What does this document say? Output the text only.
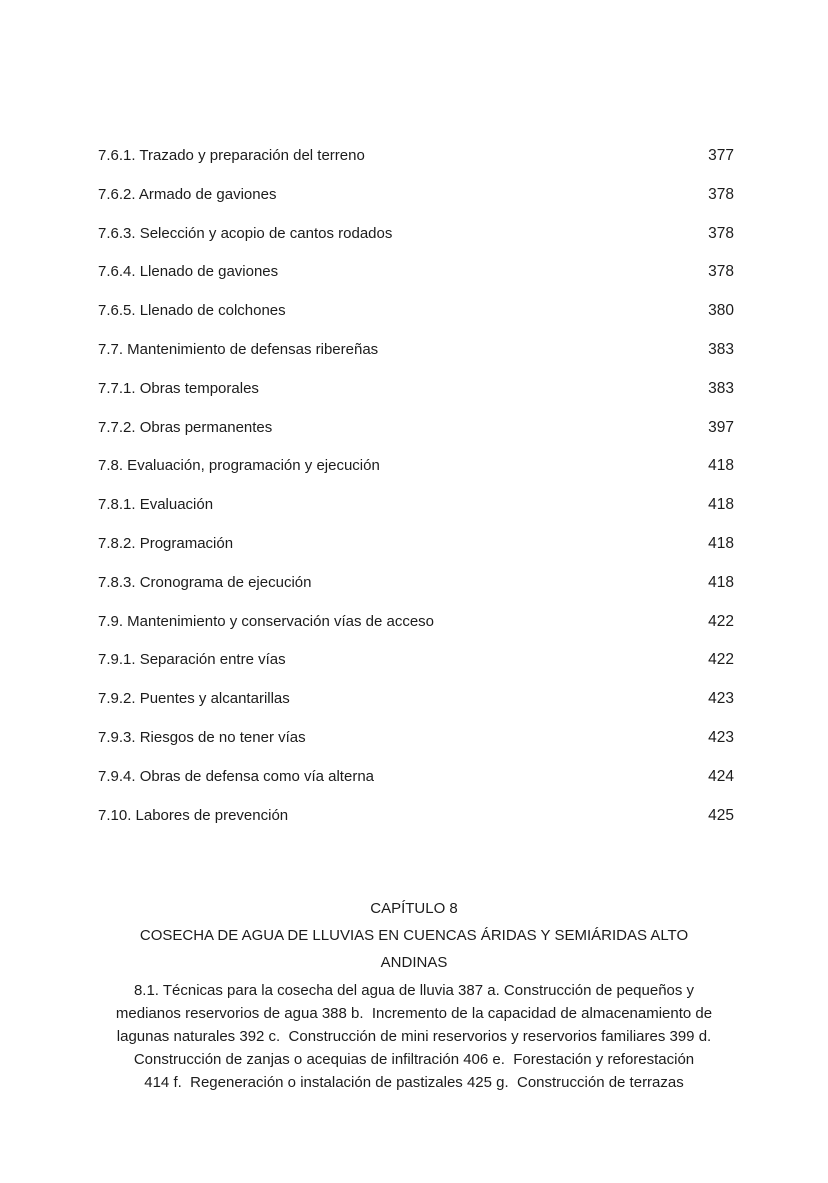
7.6.1. Trazado y preparación del terreno	377
7.6.2. Armado de gaviones	378
7.6.3. Selección y acopio de cantos rodados	378
7.6.4. Llenado de gaviones	378
7.6.5. Llenado de colchones	380
7.7. Mantenimiento de defensas ribereñas	383
7.7.1. Obras temporales	383
7.7.2. Obras permanentes	397
7.8. Evaluación, programación y ejecución	418
7.8.1. Evaluación	418
7.8.2. Programación	418
7.8.3. Cronograma de ejecución	418
7.9. Mantenimiento y conservación vías de acceso	422
7.9.1. Separación entre vías	422
7.9.2. Puentes y alcantarillas	423
7.9.3. Riesgos de no tener vías	423
7.9.4. Obras de defensa como vía alterna	424
7.10. Labores de prevención	425
CAPÍTULO 8
COSECHA DE AGUA DE LLUVIAS EN CUENCAS ÁRIDAS Y SEMIÁRIDAS ALTO
ANDINAS
8.1. Técnicas para la cosecha del agua de lluvia 387 a. Construcción de pequeños y
medianos reservorios de agua 388 b.  Incremento de la capacidad de almacenamiento de
lagunas naturales 392 c.  Construcción de mini reservorios y reservorios familiares 399 d.
Construcción de zanjas o acequias de infiltración 406 e.  Forestación y reforestación
414 f.  Regeneración o instalación de pastizales 425 g.  Construcción de terrazas
